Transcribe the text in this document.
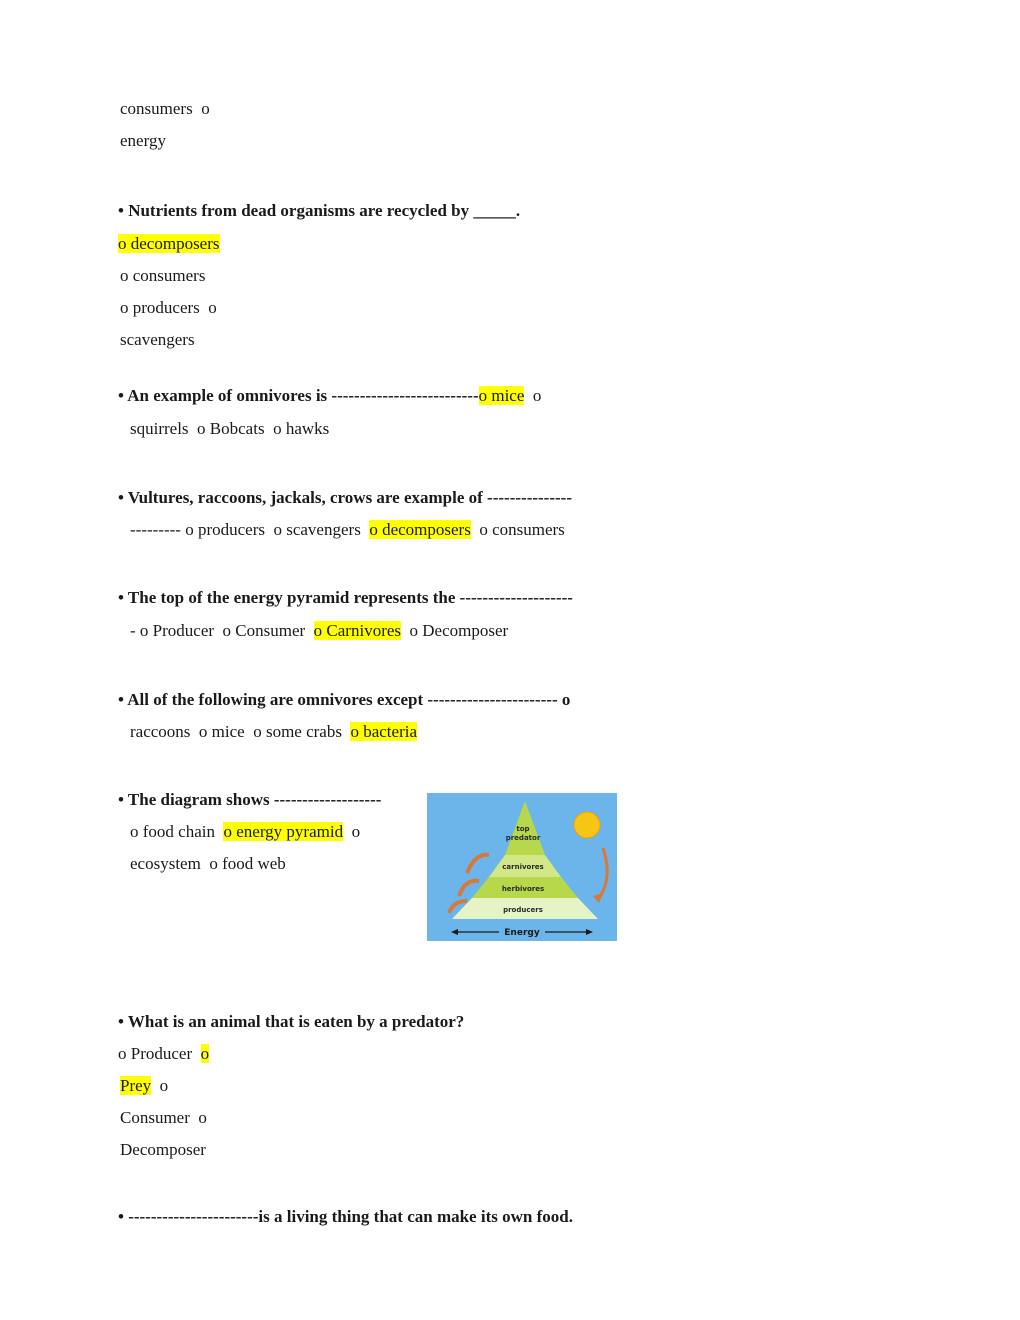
consumers  o
energy
• Nutrients from dead organisms are recycled by _____.
o decomposers
o consumers
o producers  o
scavengers
• An example of omnivores is --------------------------o mice o
squirrels  o Bobcats  o hawks
• Vultures, raccoons, jackals, crows are example of ---------------
--------- o producers  o scavengers o decomposers o consumers
• The top of the energy pyramid represents the --------------------
- o Producer  o Consumer o Carnivores o Decomposer
• All of the following are omnivores except ----------------------- o
raccoons  o mice  o some crabs o bacteria
• The diagram shows -------------------
o food chain o energy pyramid o
ecosystem  o food web
top
predator
carnivores
herbivores
producers
Energy
• What is an animal that is eaten by a predator?
o Producer o
Prey o
Consumer  o
Decomposer
• -----------------------is a living thing that can make its own food.
